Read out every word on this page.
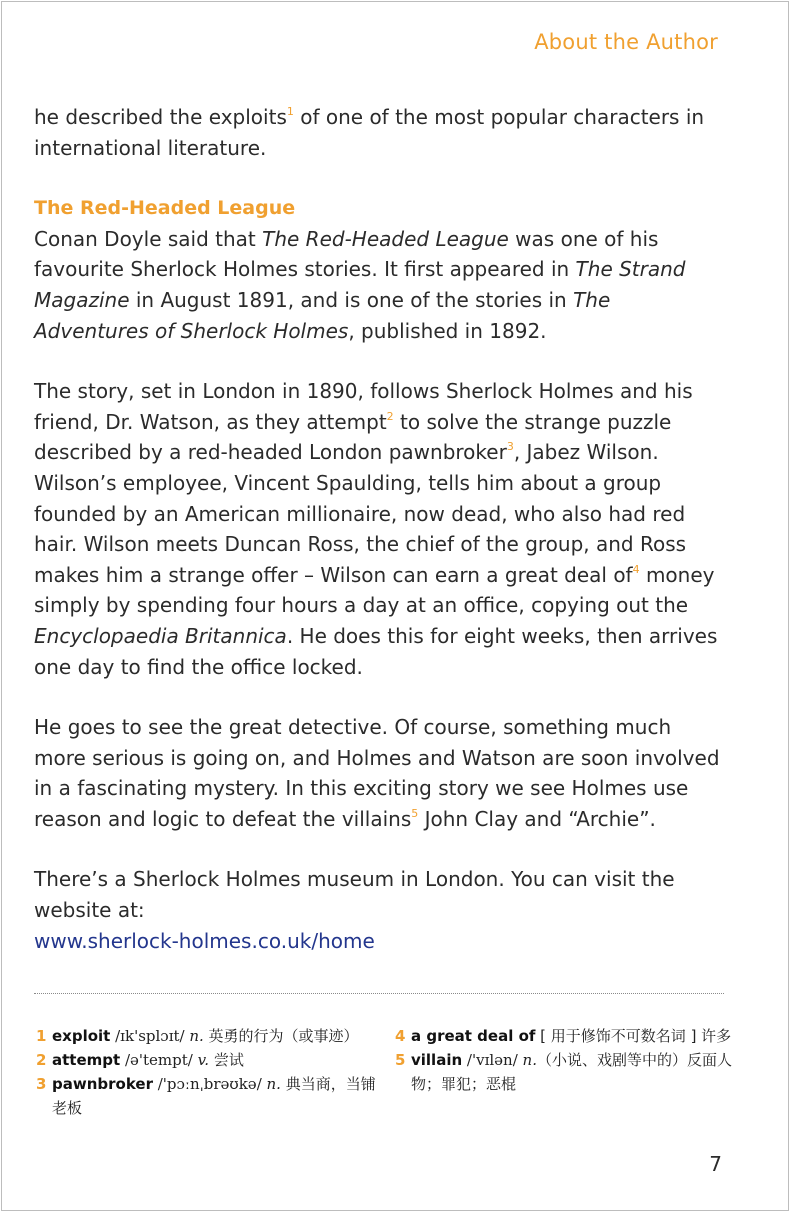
About the Author

he described the exploits$^1$ of one of the most popular characters in international literature.

The Red-Headed League

Conan Doyle said that The Red-Headed League was one of his favourite Sherlock Holmes stories. It first appeared in The Strand Magazine in August 1891, and is one of the stories in The Adventures of Sherlock Holmes, published in 1892.

The story, set in London in 1890, follows Sherlock Holmes and his friend, Dr. Watson, as they attempt$^2$ to solve the strange puzzle described by a red-headed London pawnbroker$^3$, Jabez Wilson. Wilson’s employee, Vincent Spaulding, tells him about a group founded by an American millionaire, now dead, who also had red hair. Wilson meets Duncan Ross, the chief of the group, and Ross makes him a strange offer – Wilson can earn a great deal of$^4$ money simply by spending four hours a day at an office, copying out the Encyclopaedia Britannica. He does this for eight weeks, then arrives one day to find the office locked.

He goes to see the great detective. Of course, something much more serious is going on, and Holmes and Watson are soon involved in a fascinating mystery. In this exciting story we see Holmes use reason and logic to defeat the villains$^5$ John Clay and “Archie”.

There’s a Sherlock Holmes museum in London. You can visit the website at:
www.sherlock-holmes.co.uk/home

1 exploit /ɪk'splɔɪt/ n. 英勇的行为（或事迹）
2 attempt /ə'tempt/ v. 尝试
3 pawnbroker /'pɔːnˌbrəʊkə/ n. 典当商，当铺老板
4 a great deal of [ 用于修饰不可数名词 ] 许多
5 villain /'vɪlən/ n.（小说、戏剧等中的）反面人物；罪犯；恶棍
7
